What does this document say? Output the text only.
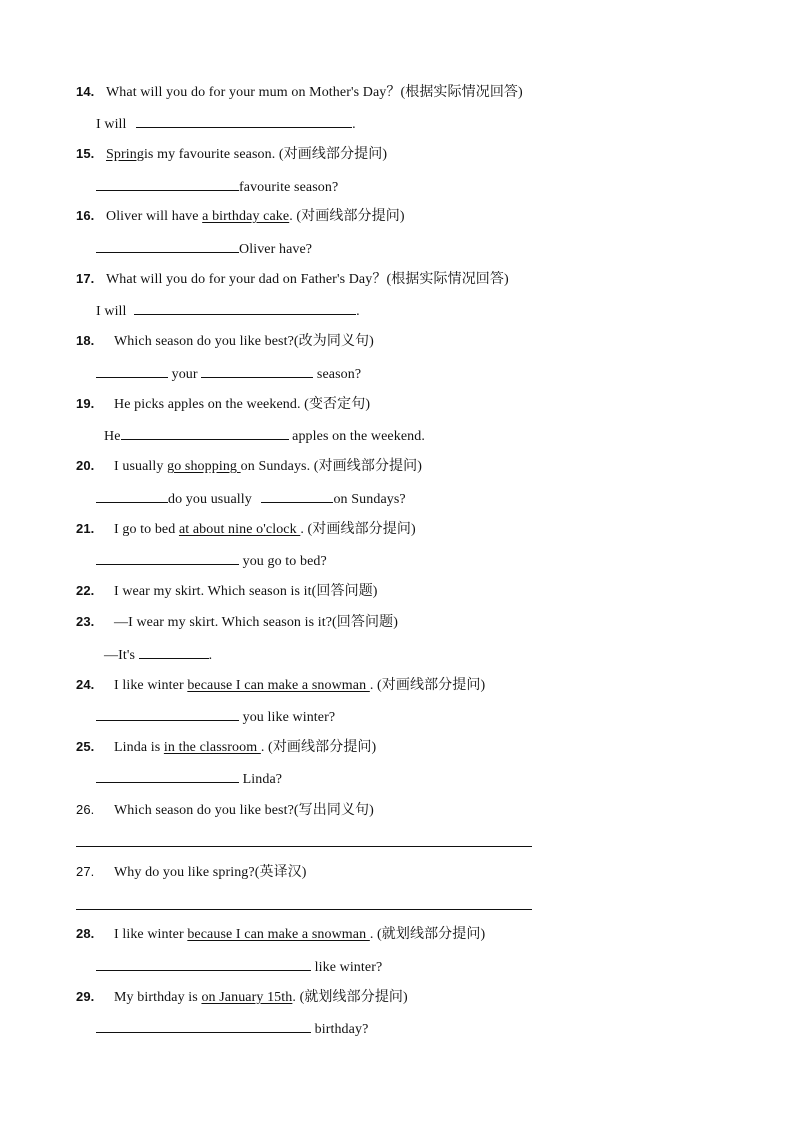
14. What will you do for your mum on Mother's Day？(根据实际情况回答)
I will	.
15. Springis my favourite season. (对画线部分提问)
favourite season?
16. Oliver will have a birthday cake. (对画线部分提问)
Oliver have?
17. What will you do for your dad on Father's Day？(根据实际情况回答)
I will	.
18. Which season do you like best?(改为同义句)
your	season?
19. He picks apples on the weekend. (变否定句)
He	apples on the weekend.
20. I usually go shopping on Sundays. (对画线部分提问)
do you usually	on Sundays?
21. I go to bed at about nine o'clock . (对画线部分提问)
you go to bed?
22. I wear my skirt. Which season is it(回答问题)
23. —I wear my skirt. Which season is it?(回答问题)
—It's	.
24. I like winter because I can make a snowman . (对画线部分提问)
you like winter?
25. Linda is in the classroom . (对画线部分提问)
Linda?
26. Which season do you like best?(写出同义句)
27. Why do you like spring?(英译汉)
28. I like winter because I can make a snowman . (就划线部分提问)
like winter?
29. My birthday is on January 15th. (就划线部分提问)
birthday?
